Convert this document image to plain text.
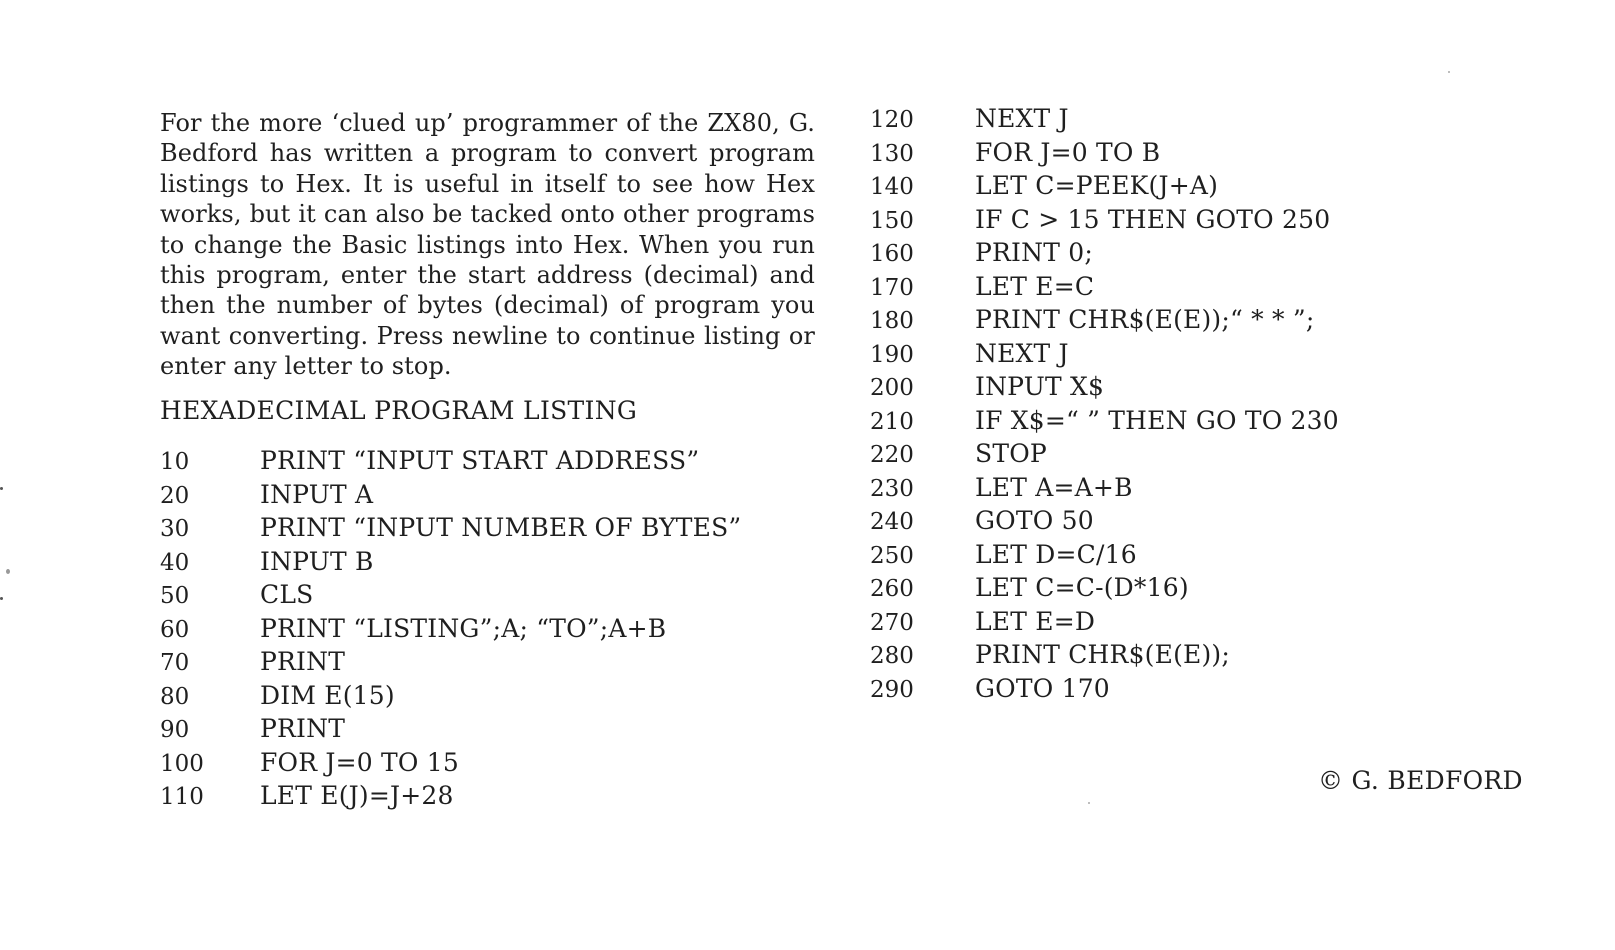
For the more ‘clued up’ programmer of the ZX80, G. Bedford has written a program to convert program listings to Hex. It is useful in itself to see how Hex works, but it can also be tacked onto other programs to change the Basic listings into Hex. When you run this program, enter the start address (decimal) and then the number of bytes (decimal) of program you want converting. Press newline to continue listing or enter any letter to stop.

HEXADECIMAL PROGRAM LISTING
10	PRINT “INPUT START ADDRESS”
20	INPUT A
30	PRINT “INPUT NUMBER OF BYTES”
40	INPUT B
50	CLS
60	PRINT “LISTING”;A; “TO”;A+B
70	PRINT
80	DIM E(15)
90	PRINT
100 FOR J=0 TO 15
110 LET E(J)=J+28
120 NEXT J
130 FOR J=0 TO B
140 LET C=PEEK(J+A)
150 IF C > 15 THEN GOTO 250
160 PRINT 0;
170 LET E=C
180 PRINT CHR$(E(E));“ * * ”;
190 NEXT J
200 INPUT X$
210 IF X$=“ ” THEN GO TO 230
220 STOP
230 LET A=A+B
240 GOTO 50
250 LET D=C/16
260 LET C=C-(D*16)
270 LET E=D
280 PRINT CHR$(E(E));
290 GOTO 170
© G. BEDFORD
